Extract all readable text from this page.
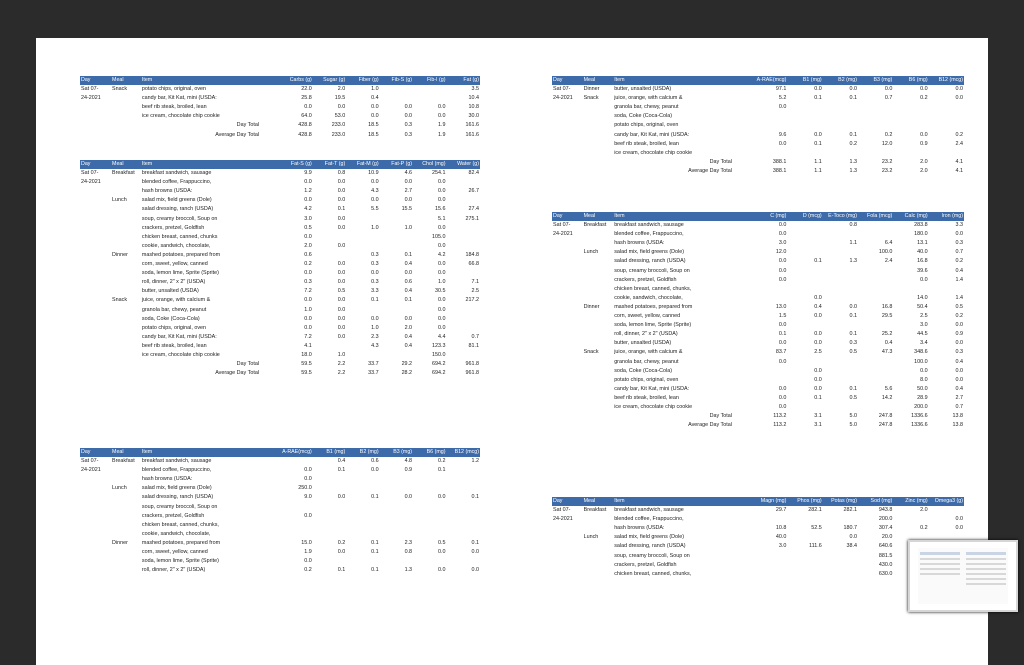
Day	Meal	Item	Carbs (g)	Sugar (g)	Fiber (g)	Fib-S (g)	Fib-I (g)	Fat (g)
Sat 07-	Snack	potato chips, original, oven	22.0	2.0	1.0			3.5
24-2021		candy bar, Kit Kat, mini (USDA:	25.8	19.5	0.4			10.4
		beef rib steak, broiled, lean	0.0	0.0	0.0	0.0	0.0	10.8
		ice cream, chocolate chip cookie	64.0	53.0	0.0	0.0	0.0	30.0
		Day Total	428.8	233.0	18.5	0.3	1.9	161.6
		Average Day Total	428.8	233.0	18.5	0.3	1.9	161.6
Day	Meal	Item	Fat-S (g)	Fat-T (g)	Fat-M (g)	Fat-P (g)	Chol (mg)	Water (g)
Sat 07-	Breakfast	breakfast sandwich, sausage	9.9	0.8	10.9	4.6	254.1	82.4
24-2021		blended coffee, Frappuccino,	0.0	0.0	0.0	0.0	0.0	
		hash browns (USDA:	1.2	0.0	4.3	2.7	0.0	26.7
	Lunch	salad mix, field greens (Dole)	0.0	0.0	0.0	0.0	0.0	
		salad dressing, ranch (USDA)	4.2	0.1	5.5	15.5	15.6	27.4
		soup, creamy broccoli, Soup on	3.0	0.0			5.1	275.1
		crackers, pretzel, Goldfish	0.5	0.0	1.0	1.0	0.0	
		chicken breast, canned, chunks	0.0				105.0	
		cookie, sandwich, chocolate,	2.0	0.0			0.0	
	Dinner	mashed potatoes, prepared from	0.6		0.3	0.1	4.2	184.8
		corn, sweet, yellow, canned	0.2	0.0	0.3	0.4	0.0	66.8
		soda, lemon lime, Sprite (Sprite)	0.0	0.0	0.0	0.0	0.0	
		roll, dinner, 2" x 2" (USDA)	0.3	0.0	0.3	0.6	1.0	7.1
		butter, unsalted (USDA)	7.2	0.5	3.3	0.4	30.5	2.5
	Snack	juice, orange, with calcium &	0.0	0.0	0.1	0.1	0.0	217.2
		granola bar, chewy, peanut	1.0	0.0			0.0	
		soda, Coke (Coca-Cola)	0.0	0.0	0.0	0.0	0.0	
		potato chips, original, oven	0.0	0.0	1.0	2.0	0.0	
		candy bar, Kit Kat, mini (USDA:	7.2	0.0	2.3	0.4	4.4	0.7
		beef rib steak, broiled, lean	4.1		4.3	0.4	123.3	81.1
		ice cream, chocolate chip cookie	18.0	1.0			150.0	
		Day Total	59.5	2.2	33.7	29.2	694.2	961.8
		Average Day Total	59.5	2.2	33.7	28.2	694.2	961.8
Day	Meal	Item	A-RAE(mcg)	B1 (mg)	B2 (mg)	B3 (mg)	B6 (mg)	B12 (mcg)
Sat 07-	Breakfast	breakfast sandwich, sausage		0.4	0.6	4.8	0.2	1.2
24-2021		blended coffee, Frappuccino,	0.0	0.1	0.0	0.9	0.1	
		hash browns (USDA:	0.0					
	Lunch	salad mix, field greens (Dole)	250.0					
		salad dressing, ranch (USDA)	9.0	0.0	0.1	0.0	0.0	0.1
		soup, creamy broccoli, Soup on						
		crackers, pretzel, Goldfish	0.0					
		chicken breast, canned, chunks,						
		cookie, sandwich, chocolate,						
	Dinner	mashed potatoes, prepared from	15.0	0.2	0.1	2.3	0.5	0.1
		corn, sweet, yellow, canned	1.9	0.0	0.1	0.8	0.0	0.0
		soda, lemon lime, Sprite (Sprite)	0.0					
		roll, dinner, 2" x 2" (USDA)	0.2	0.1	0.1	1.3	0.0	0.0
Day	Meal	Item	A-RAE(mcg)	B1 (mg)	B2 (mg)	B3 (mg)	B6 (mg)	B12 (mcg)
Sat 07-	Dinner	butter, unsalted (USDA)	97.1	0.0	0.0	0.0	0.0	0.0
24-2021	Snack	juice, orange, with calcium &	5.2	0.1	0.1	0.7	0.2	0.0
		granola bar, chewy, peanut	0.0					
		soda, Coke (Coca-Cola)						
		potato chips, original, oven						
		candy bar, Kit Kat, mini (USDA:	9.6	0.0	0.1	0.2	0.0	0.2
		beef rib steak, broiled, lean	0.0	0.1	0.2	12.0	0.9	2.4
		ice cream, chocolate chip cookie						
		Day Total	388.1	1.1	1.3	23.2	2.0	4.1
		Average Day Total	388.1	1.1	1.3	23.2	2.0	4.1
Day	Meal	Item	C (mg)	D (mcg)	E-Toco (mg)	Fola (mcg)	Calc (mg)	Iron (mg)
Sat 07-	Breakfast	breakfast sandwich, sausage	0.0		0.8		283.8	3.3
24-2021		blended coffee, Frappuccino,	0.0				180.0	0.0
		hash browns (USDA:	3.0		1.1	6.4	13.1	0.3
	Lunch	salad mix, field greens (Dole)	12.0			100.0	40.0	0.7
		salad dressing, ranch (USDA)	0.0	0.1	1.3	2.4	16.8	0.2
		soup, creamy broccoli, Soup on	0.0				39.6	0.4
		crackers, pretzel, Goldfish	0.0				0.0	1.4
		chicken breast, canned, chunks,						
		cookie, sandwich, chocolate,		0.0			14.0	1.4
	Dinner	mashed potatoes, prepared from	13.0	0.4	0.0	16.8	50.4	0.5
		corn, sweet, yellow, canned	1.5	0.0	0.1	29.5	2.5	0.2
		soda, lemon lime, Sprite (Sprite)	0.0				3.0	0.0
		roll, dinner, 2" x 2" (USDA)	0.1	0.0	0.1	25.2	44.5	0.9
		butter, unsalted (USDA)	0.0	0.0	0.3	0.4	3.4	0.0
	Snack	juice, orange, with calcium &	83.7	2.5	0.5	47.3	348.6	0.3
		granola bar, chewy, peanut	0.0				100.0	0.4
		soda, Coke (Coca-Cola)		0.0			0.0	0.0
		potato chips, original, oven		0.0			8.0	0.0
		candy bar, Kit Kat, mini (USDA:	0.0	0.0	0.1	5.6	50.0	0.4
		beef rib steak, broiled, lean	0.0	0.1	0.5	14.2	28.9	2.7
		ice cream, chocolate chip cookie	0.0				200.0	0.7
		Day Total	113.2	3.1	5.0	247.8	1336.6	13.8
		Average Day Total	113.2	3.1	5.0	247.8	1336.6	13.8
Day	Meal	Item	Magn (mg)	Phos (mg)	Potas (mg)	Sod (mg)	Zinc (mg)	Omega3 (g)
Sat 07-	Breakfast	breakfast sandwich, sausage	29.7	282.1	282.1	943.8	2.0	
24-2021		blended coffee, Frappuccino,				200.0		0.0
		hash browns (USDA:	10.8	52.5	180.7	307.4	0.2	0.0
	Lunch	salad mix, field greens (Dole)	40.0		0.0	20.0		
		salad dressing, ranch (USDA)	3.0	111.6	38.4	640.6		
		soup, creamy broccoli, Soup on				881.5		
		crackers, pretzel, Goldfish				430.0		
		chicken breast, canned, chunks,				630.0		
